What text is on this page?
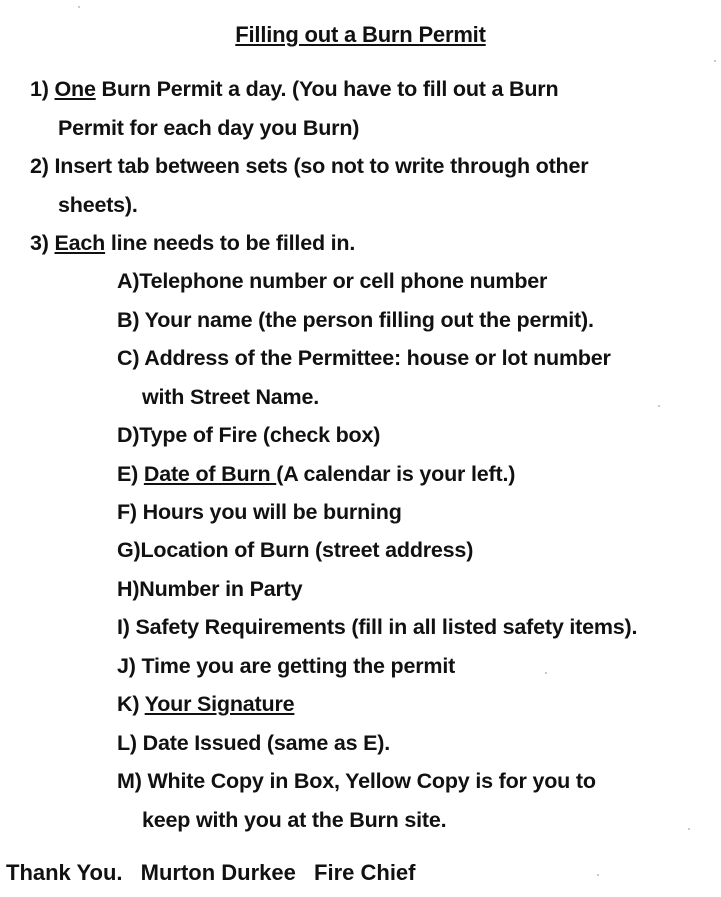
Filling out a Burn Permit
1) One Burn Permit a day. (You have to fill out a Burn
Permit for each day you Burn)
2) Insert tab between sets (so not to write through other
sheets).
3) Each line needs to be filled in.
A)Telephone number or cell phone number
B) Your name (the person filling out the permit).
C) Address of the Permittee: house or lot number
with Street Name.
D)Type of Fire (check box)
E) Date of Burn (A calendar is your left.)
F) Hours you will be burning
G)Location of Burn (street address)
H)Number in Party
I) Safety Requirements (fill in all listed safety items).
J) Time you are getting the permit
K) Your Signature
L) Date Issued (same as E).
M) White Copy in Box, Yellow Copy is for you to
keep with you at the Burn site.
Thank You. Murton Durkee Fire Chief
